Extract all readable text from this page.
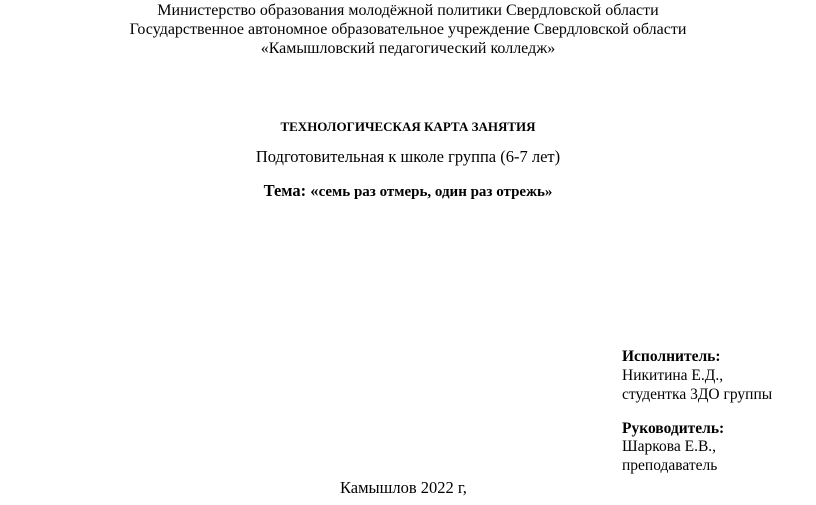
Министерство образования молодёжной политики Свердловской области
Государственное автономное образовательное учреждение Свердловской области
«Камышловский педагогический колледж»
ТЕХНОЛОГИЧЕСКАЯ КАРТА ЗАНЯТИЯ
Подготовительная к школе группа (6-7 лет)
Тема: «семь раз отмерь, один раз отрежь»
Исполнитель:
Никитина Е.Д.,
студентка 3ДО группы
Руководитель:
Шаркова Е.В.,
преподаватель
Камышлов 2022 г,
